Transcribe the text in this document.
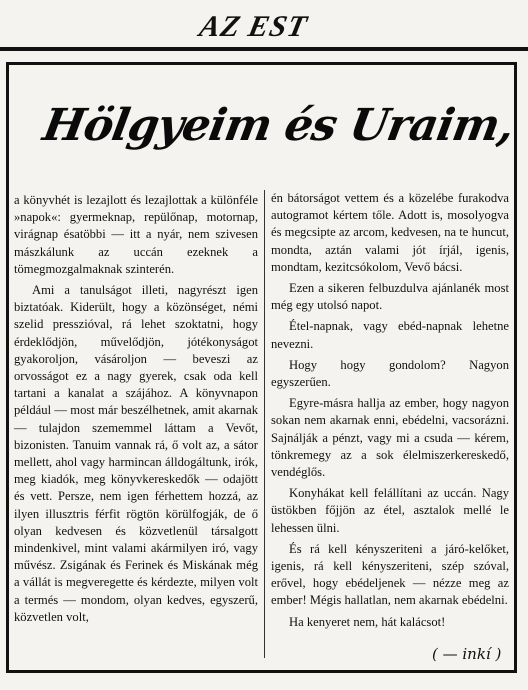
AZ EST
Hölgyeim és Uraim,

a könyvhét is lezajlott és lezajlottak a különféle »napok«: gyermeknap, repülőnap, motornap, virágnap ésatöbbi — itt a nyár, nem szivesen mászkálunk az uccán ezeknek a tömegmozgalmaknak szinterén.

Ami a tanulságot illeti, nagyrészt igen biztatóak. Kiderült, hogy a közönséget, némi szelid presszióval, rá lehet szoktatni, hogy érdeklődjön, művelődjön, jótékonyságot gyakoroljon, vásároljon — beveszi az orvosságot ez a nagy gyerek, csak oda kell tartani a kanalat a szájához. A könyvnapon például — most már beszélhetnek, amit akarnak — tulajdon szememmel láttam a Vevőt, bizonisten. Tanuim vannak rá, ő volt az, a sátor mellett, ahol vagy harmincan álldogáltunk, irók, meg kiadók, meg könyvkereskedők — odajött és vett. Persze, nem igen férhettem hozzá, az ilyen illusztris férfit rögtön körülfogják, de ő olyan kedvesen és közvetlenül társalgott mindenkivel, mint valami akármilyen iró, vagy művész. Zsigának és Ferinek és Miskának még a vállát is megveregette és kérdezte, milyen volt a termés — mondom, olyan kedves, egyszerű, közvetlen volt,

én bátorságot vettem és a közelébe furakodva autogramot kértem tőle. Adott is, mosolyogva és megcsipte az arcom, kedvesen, na te huncut, mondta, aztán valami jót írjál, igenis, mondtam, kezitcsókolom, Vevő bácsi.

Ezen a sikeren felbuzdulva ajánlanék most még egy utolsó napot.

Étel-napnak, vagy ebéd-napnak lehetne nevezni.

Hogy hogy gondolom? Nagyon egyszerűen.

Egyre-másra hallja az ember, hogy nagyon sokan nem akarnak enni, ebédelni, vacsorázni. Sajnálják a pénzt, vagy mi a csuda — kérem, tönkremegy az a sok élelmiszerkereskedő, vendéglős.

Konyhákat kell felállítani az uccán. Nagy üstökben főjjön az étel, asztalok mellé le lehessen ülni.

És rá kell kényszeriteni a járó-kelőket, igenis, rá kell kényszeriteni, szép szóval, erővel, hogy ebédeljenek — nézze meg az ember! Mégis hallatlan, nem akarnak ebédelni.

Ha kenyeret nem, hát kalácsot!

( — inkí )
